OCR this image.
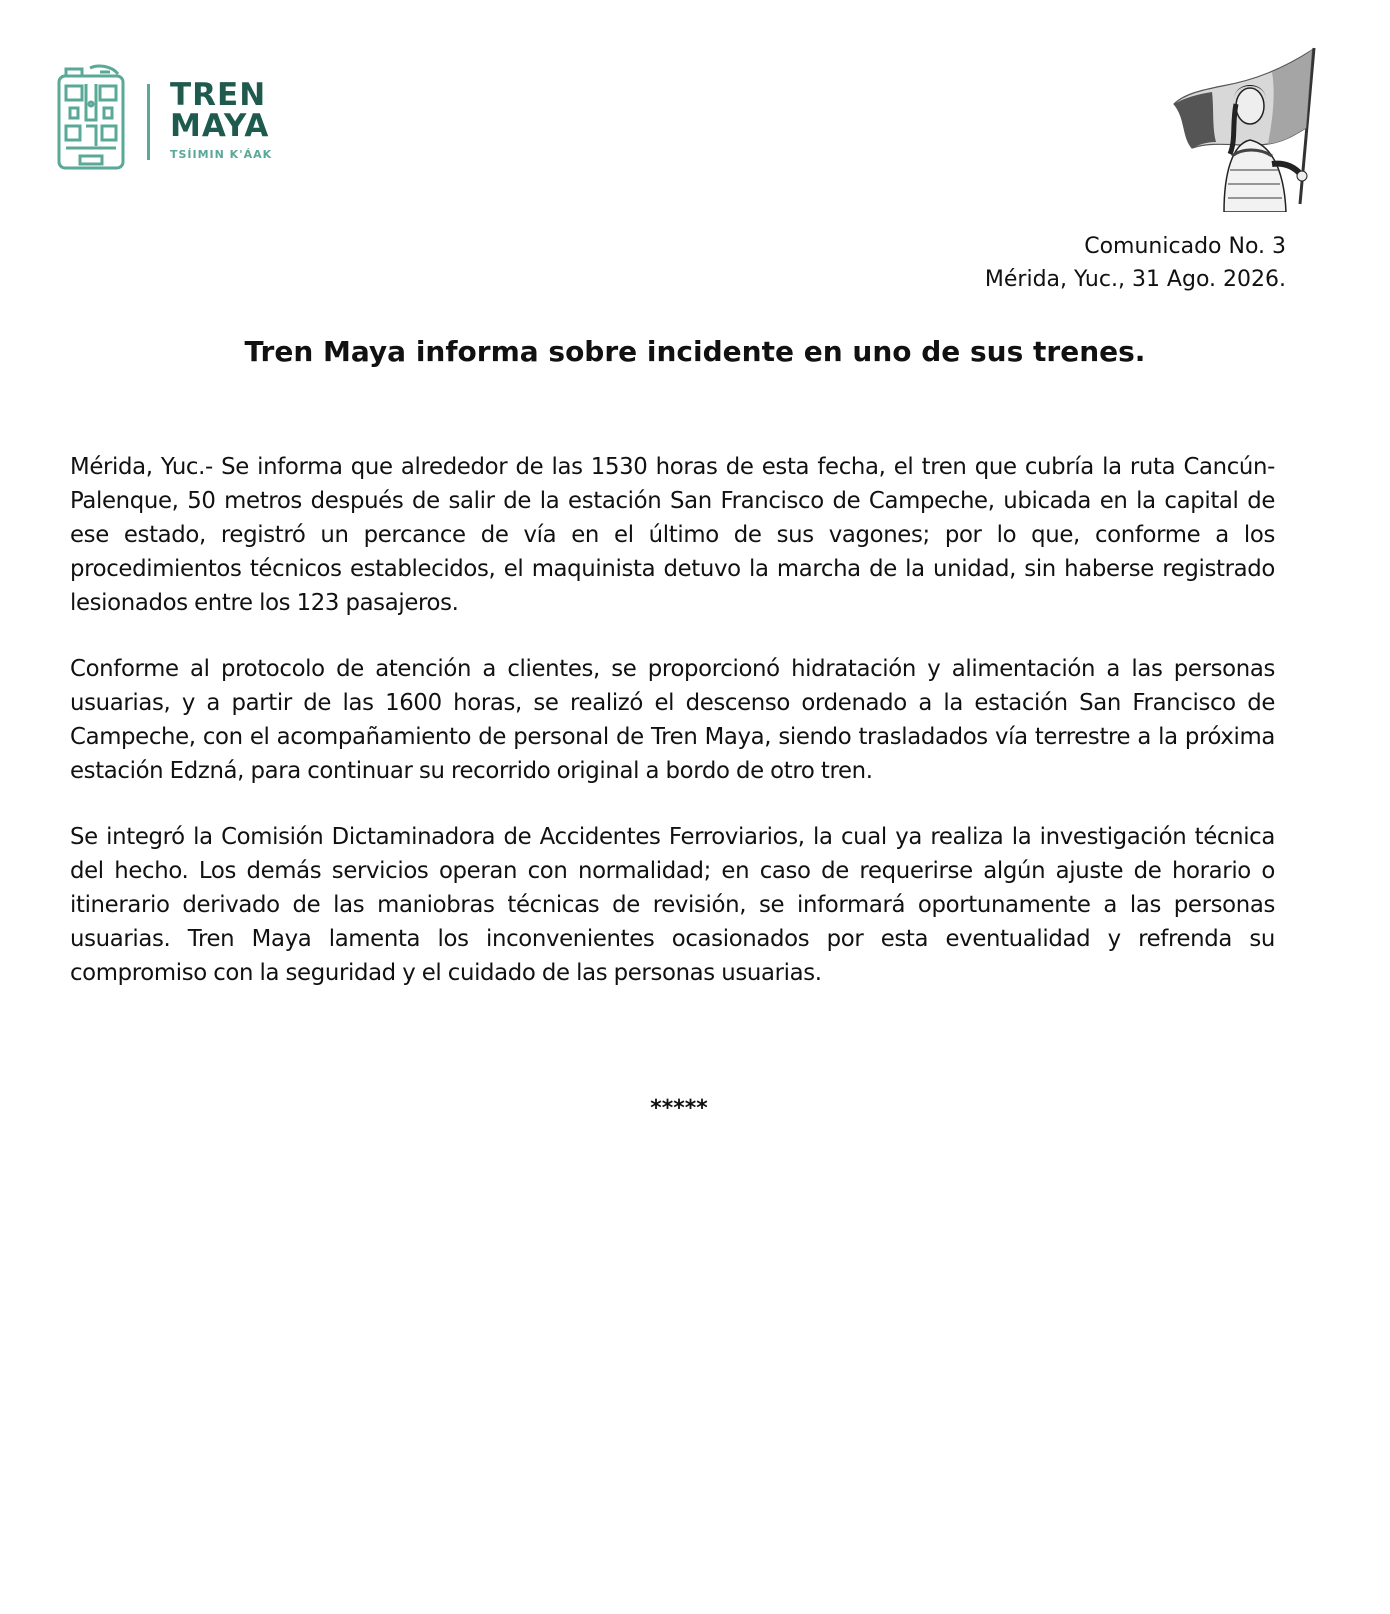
TREN
MAYA
TSÍIMIN K'ÁAK
Comunicado No. 3
Mérida, Yuc., 31 Ago. 2026.
Tren Maya informa sobre incidente en uno de sus trenes.

Mérida, Yuc.- Se informa que alrededor de las 1530 horas de esta fecha, el tren que cubría la ruta Cancún-Palenque, 50 metros después de salir de la estación San Francisco de Campeche, ubicada en la capital de ese estado, registró un percance de vía en el último de sus vagones; por lo que, conforme a los procedimientos técnicos establecidos, el maquinista detuvo la marcha de la unidad, sin haberse registrado lesionados entre los 123 pasajeros.

Conforme al protocolo de atención a clientes, se proporcionó hidratación y alimentación a las personas usuarias, y a partir de las 1600 horas, se realizó el descenso ordenado a la estación San Francisco de Campeche, con el acompañamiento de personal de Tren Maya, siendo trasladados vía terrestre a la próxima estación Edzná, para continuar su recorrido original a bordo de otro tren.

Se integró la Comisión Dictaminadora de Accidentes Ferroviarios, la cual ya realiza la investigación técnica del hecho. Los demás servicios operan con normalidad; en caso de requerirse algún ajuste de horario o itinerario derivado de las maniobras técnicas de revisión, se informará oportunamente a las personas usuarias. Tren Maya lamenta los inconvenientes ocasionados por esta eventualidad y refrenda su compromiso con la seguridad y el cuidado de las personas usuarias.

*****
